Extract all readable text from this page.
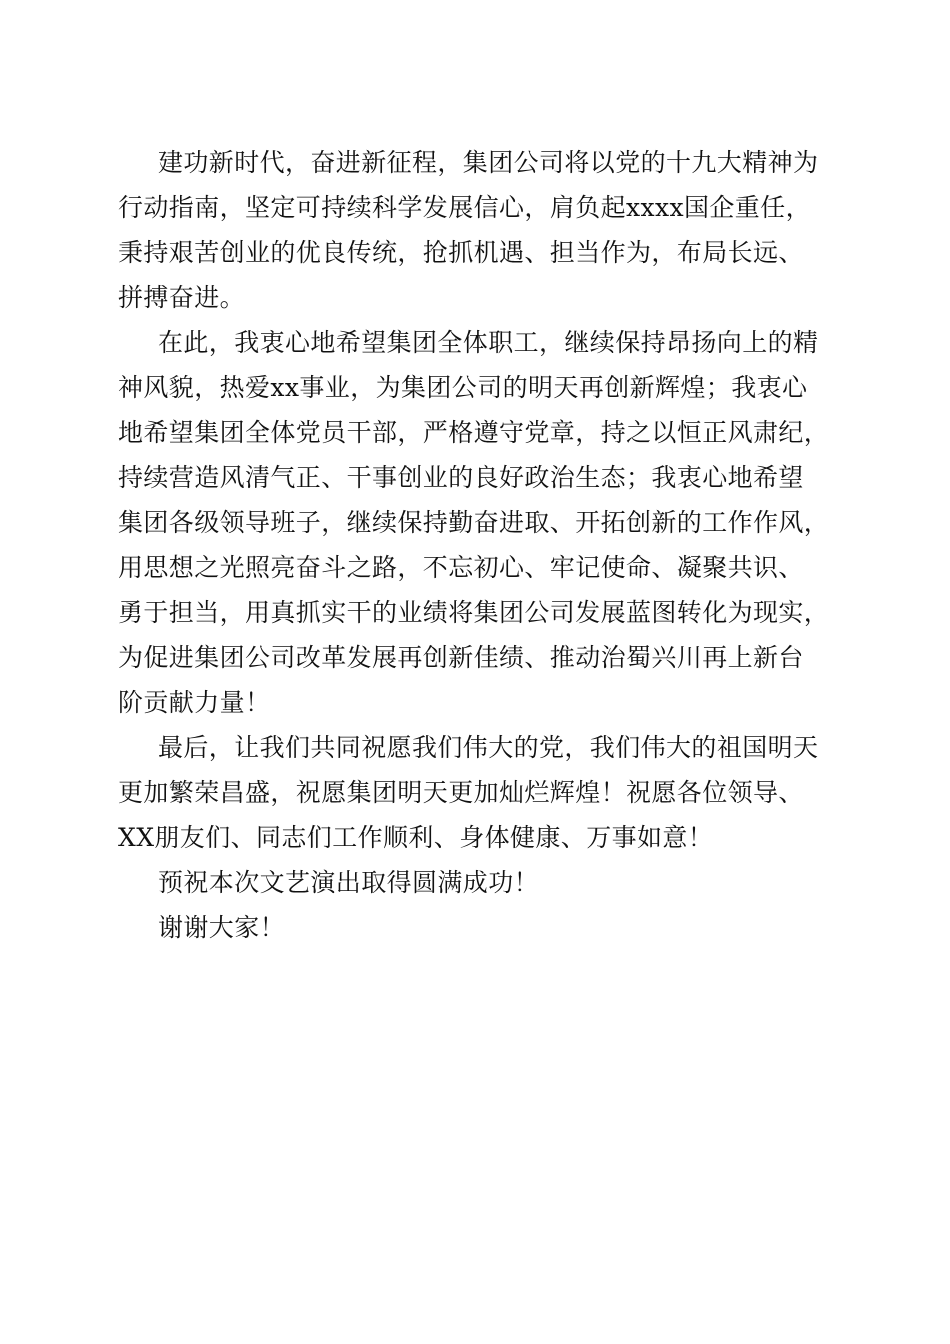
建功新时代，奋进新征程，集团公司将以党的十九大精神为
行动指南，坚定可持续科学发展信心，肩负起xxxx国企重任，
秉持艰苦创业的优良传统，抢抓机遇、担当作为，布局长远、
拼搏奋进。

在此，我衷心地希望集团全体职工，继续保持昂扬向上的精
神风貌，热爱xx事业，为集团公司的明天再创新辉煌；我衷心
地希望集团全体党员干部，严格遵守党章，持之以恒正风肃纪，
持续营造风清气正、干事创业的良好政治生态；我衷心地希望
集团各级领导班子，继续保持勤奋进取、开拓创新的工作作风，
用思想之光照亮奋斗之路，不忘初心、牢记使命、凝聚共识、
勇于担当，用真抓实干的业绩将集团公司发展蓝图转化为现实，
为促进集团公司改革发展再创新佳绩、推动治蜀兴川再上新台
阶贡献力量！

最后，让我们共同祝愿我们伟大的党，我们伟大的祖国明天
更加繁荣昌盛，祝愿集团明天更加灿烂辉煌！祝愿各位领导、
XX朋友们、同志们工作顺利、身体健康、万事如意！

预祝本次文艺演出取得圆满成功！

谢谢大家！
